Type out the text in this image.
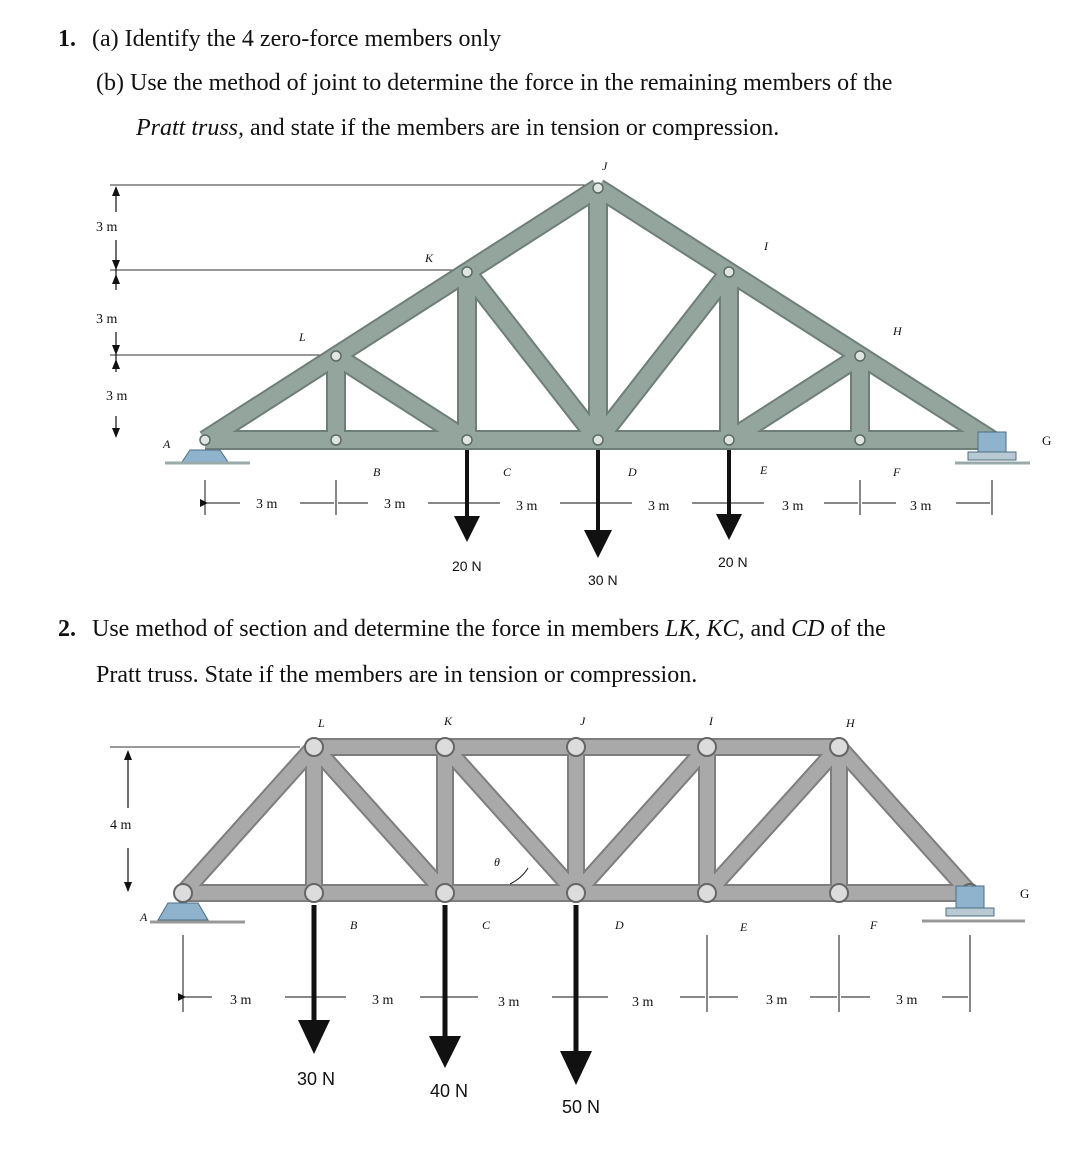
1. (a) Identify the 4 zero-force members only
(b) Use the method of joint to determine the force in the remaining members of the
Pratt truss, and state if the members are in tension or compression.
2. Use method of section and determine the force in members LK, KC, and CD of the
Pratt truss. State if the members are in tension or compression.
3 m
3 m
3 m
A
B	C	D	E	F
G
H
I
J
K
L
3 m	3 m	3 m	3 m	3 m	3 m
20 N
30 N
20 N
4 m
θ
A
B	C	D	E	F
G
H
I
J
K
L
3 m	3 m	3 m	3 m	3 m	3 m
30 N
40 N
50 N
